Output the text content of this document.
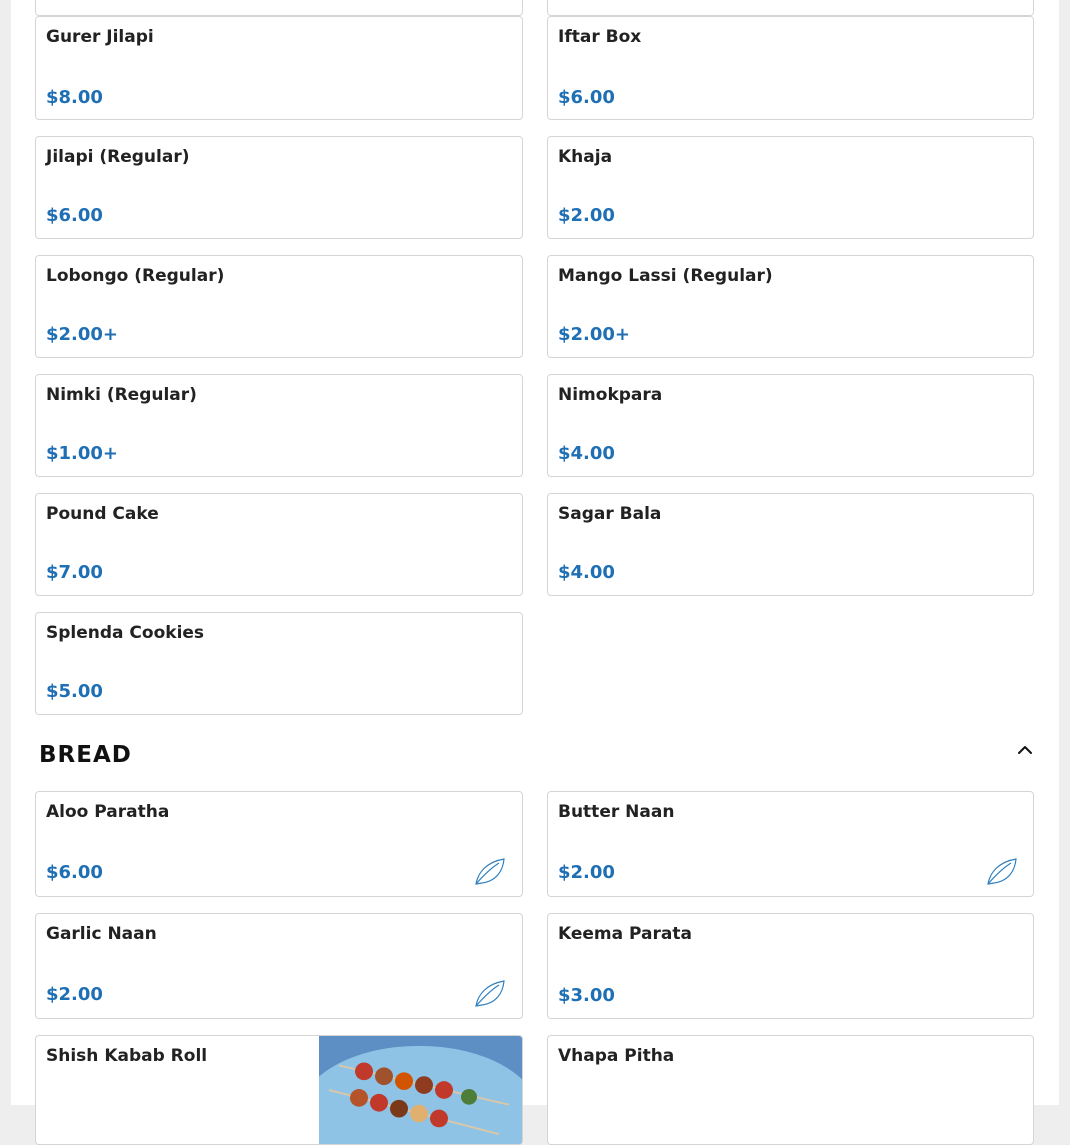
Gurer Jilapi
$8.00
Iftar Box
$6.00
Jilapi (Regular)
$6.00
Khaja
$2.00
Lobongo (Regular)
$2.00+
Mango Lassi (Regular)
$2.00+
Nimki (Regular)
$1.00+
Nimokpara
$4.00
Pound Cake
$7.00
Sagar Bala
$4.00
Splenda Cookies
$5.00
BREAD
Aloo Paratha
$6.00
Butter Naan
$2.00
Garlic Naan
$2.00
Keema Parata
$3.00
Shish Kabab Roll	Vhapa Pitha
